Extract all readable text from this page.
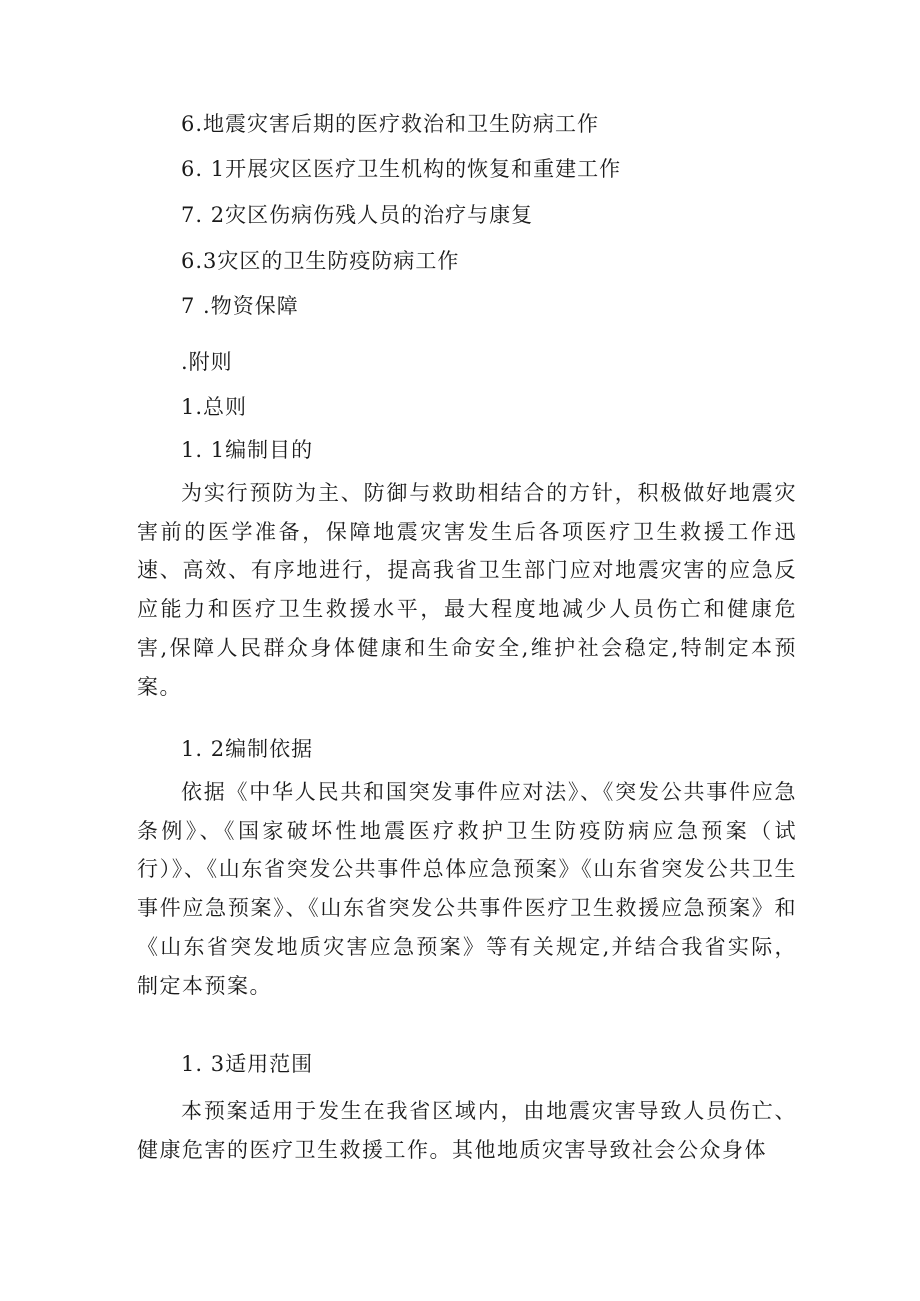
6.地震灾害后期的医疗救治和卫生防病工作
6. 1开展灾区医疗卫生机构的恢复和重建工作
7. 2灾区伤病伤残人员的治疗与康复
6.3灾区的卫生防疫防病工作
7 .物资保障
.附则
1.总则
1. 1编制目的

为实行预防为主、防御与救助相结合的方针，积极做好地震灾害前的医学准备，保障地震灾害发生后各项医疗卫生救援工作迅速、高效、有序地进行，提高我省卫生部门应对地震灾害的应急反应能力和医疗卫生救援水平，最大程度地减少人员伤亡和健康危害,保障人民群众身体健康和生命安全,维护社会稳定,特制定本预案。

1. 2编制依据

依据《中华人民共和国突发事件应对法》、《突发公共事件应急条例》、《国家破坏性地震医疗救护卫生防疫防病应急预案（试行）》、《山东省突发公共事件总体应急预案》《山东省突发公共卫生事件应急预案》、《山东省突发公共事件医疗卫生救援应急预案》和《山东省突发地质灾害应急预案》等有关规定,并结合我省实际，制定本预案。

1. 3适用范围

本预案适用于发生在我省区域内，由地震灾害导致人员伤亡、健康危害的医疗卫生救援工作。其他地质灾害导致社会公众身体
